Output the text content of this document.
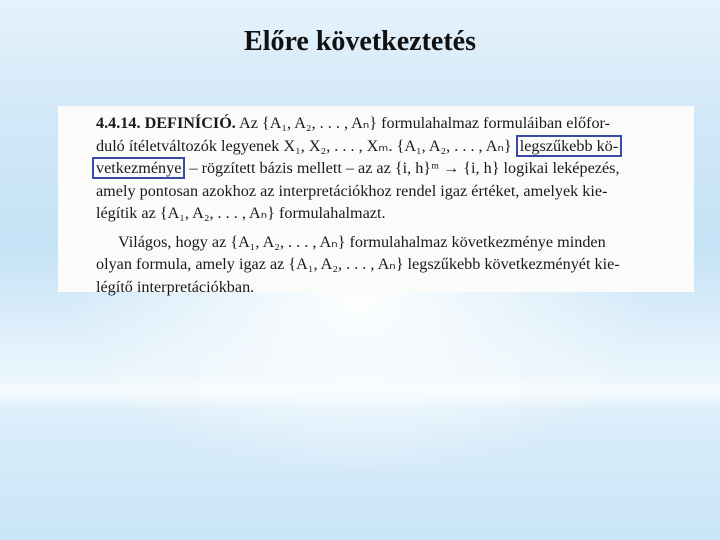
Előre következtetés
4.4.14. DEFINÍCIÓ. Az {A₁, A₂, . . . , Aₙ} formulahalmaz formuláiban előfor-
duló ítéletváltozók legyenek X₁, X₂, . . . , Xₘ. {A₁, A₂, . . . , Aₙ} legszűkebb kö-
vetkezménye – rögzített bázis mellett – az az {i, h}ᵐ → {i, h} logikai leképezés,
amely pontosan azokhoz az interpretációkhoz rendel igaz értéket, amelyek kie-
légítik az {A₁, A₂, . . . , Aₙ} formulahalmazt.
Világos, hogy az {A₁, A₂, . . . , Aₙ} formulahalmaz következménye minden
olyan formula, amely igaz az {A₁, A₂, . . . , Aₙ} legszűkebb következményét kie-
légítő interpretációkban.
